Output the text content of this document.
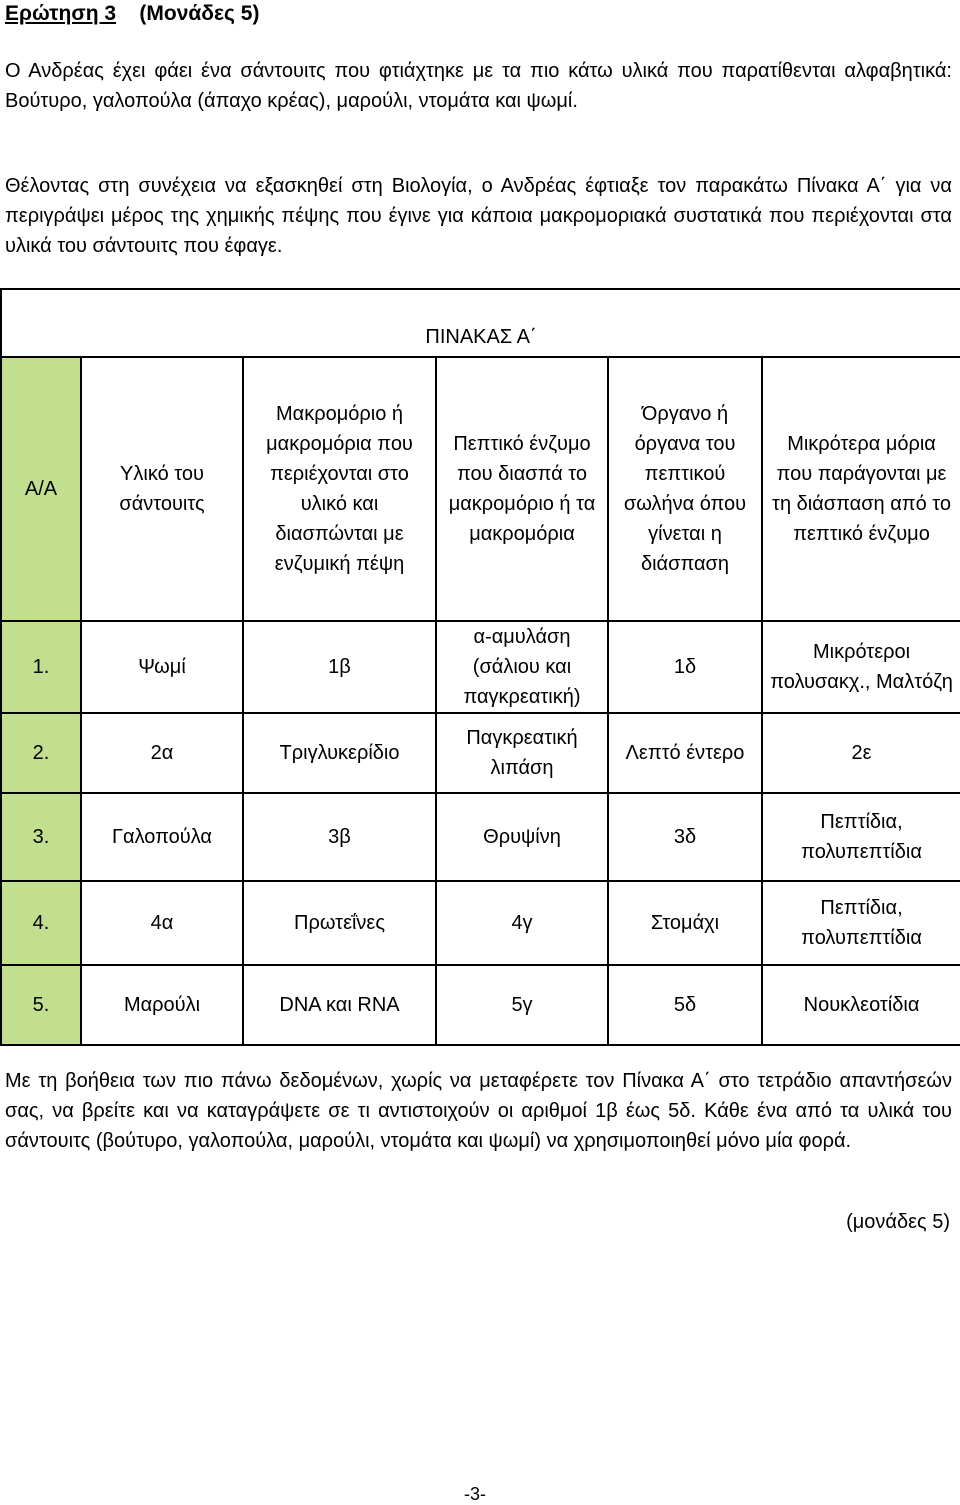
Ερώτηση 3 (Μονάδες 5)

Ο Ανδρέας έχει φάει ένα σάντουιτς που φτιάχτηκε με τα πιο κάτω υλικά που παρατίθενται αλφαβητικά: Βούτυρο, γαλοπούλα (άπαχο κρέας), μαρούλι, ντομάτα και ψωμί.

Θέλοντας στη συνέχεια να εξασκηθεί στη Βιολογία, ο Ανδρέας έφτιαξε τον παρακάτω Πίνακα Α΄ για να περιγράψει μέρος της χημικής πέψης που έγινε για κάποια μακρομοριακά συστατικά που περιέχονται στα υλικά του σάντουιτς που έφαγε.

ΠΙΝΑΚΑΣ Α΄					
Α/Α	Υλικό του σάντουιτς	Μακρομόριο ή μακρομόρια που περιέχονται στο υλικό και διασπώνται με ενζυμική πέψη	Πεπτικό ένζυμο που διασπά το μακρομόριο ή τα μακρομόρια	Όργανο ή όργανα του πεπτικού σωλήνα όπου γίνεται η διάσπαση	Μικρότερα μόρια που παράγονται με τη διάσπαση από το πεπτικό ένζυμο
1.	Ψωμί	1β	α-αμυλάση (σάλιου και παγκρεατική)	1δ	Μικρότεροι πολυσακχ., Μαλτόζη
2.	2α	Τριγλυκερίδιο	Παγκρεατική λιπάση	Λεπτό έντερο	2ε
3.	Γαλοπούλα	3β	Θρυψίνη	3δ	Πεπτίδια, πολυπεπτίδια
4.	4α	Πρωτεΐνες	4γ	Στομάχι	Πεπτίδια, πολυπεπτίδια
5.	Μαρούλι	DNA και RNA	5γ	5δ	Νουκλεοτίδια

Με τη βοήθεια των πιο πάνω δεδομένων, χωρίς να μεταφέρετε τον Πίνακα Α΄ στο τετράδιο απαντήσεών σας, να βρείτε και να καταγράψετε σε τι αντιστοιχούν οι αριθμοί 1β έως 5δ. Κάθε ένα από τα υλικά του σάντουιτς (βούτυρο, γαλοπούλα, μαρούλι, ντομάτα και ψωμί) να χρησιμοποιηθεί μόνο μία φορά.

(μονάδες 5)
-3-
